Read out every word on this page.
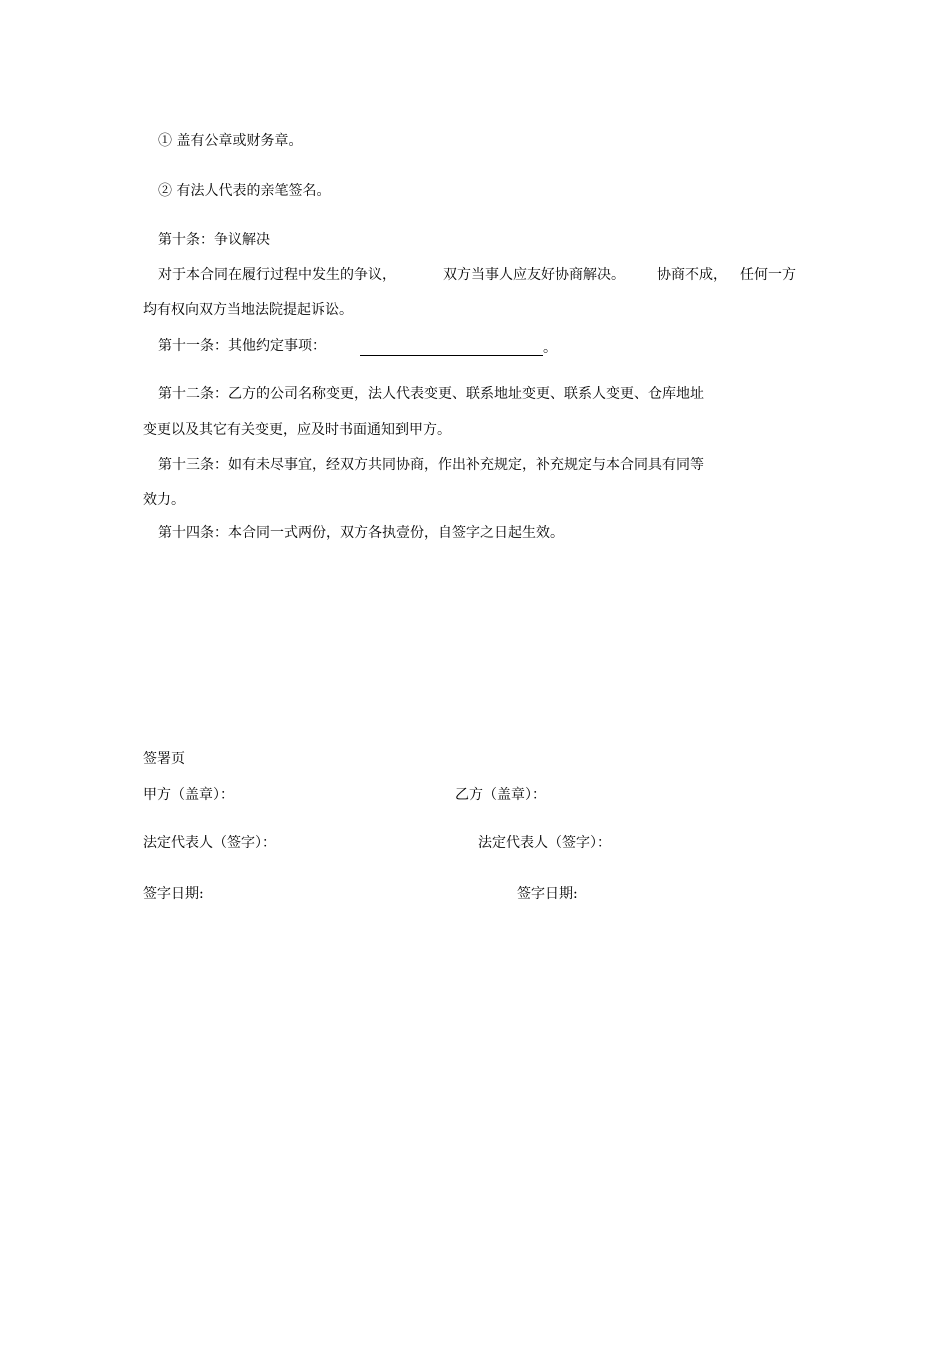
① 盖有公章或财务章。
② 有法人代表的亲笔签名。
第十条：争议解决
对于本合同在履行过程中发生的争议，	双方当事人应友好协商解决。 协商不成， 任何一方
均有权向双方当地法院提起诉讼。
第十一条：其他约定事项：	。
第十二条：乙方的公司名称变更，法人代表变更、联系地址变更、联系人变更、仓库地址
变更以及其它有关变更，应及时书面通知到甲方。
第十三条：如有未尽事宜，经双方共同协商，作出补充规定，补充规定与本合同具有同等
效力。
第十四条：本合同一式两份，双方各执壹份，自签字之日起生效。
签署页
甲方（盖章）：	乙方（盖章）：
法定代表人（签字）：	法定代表人（签字）：
签字日期:	签字日期:
